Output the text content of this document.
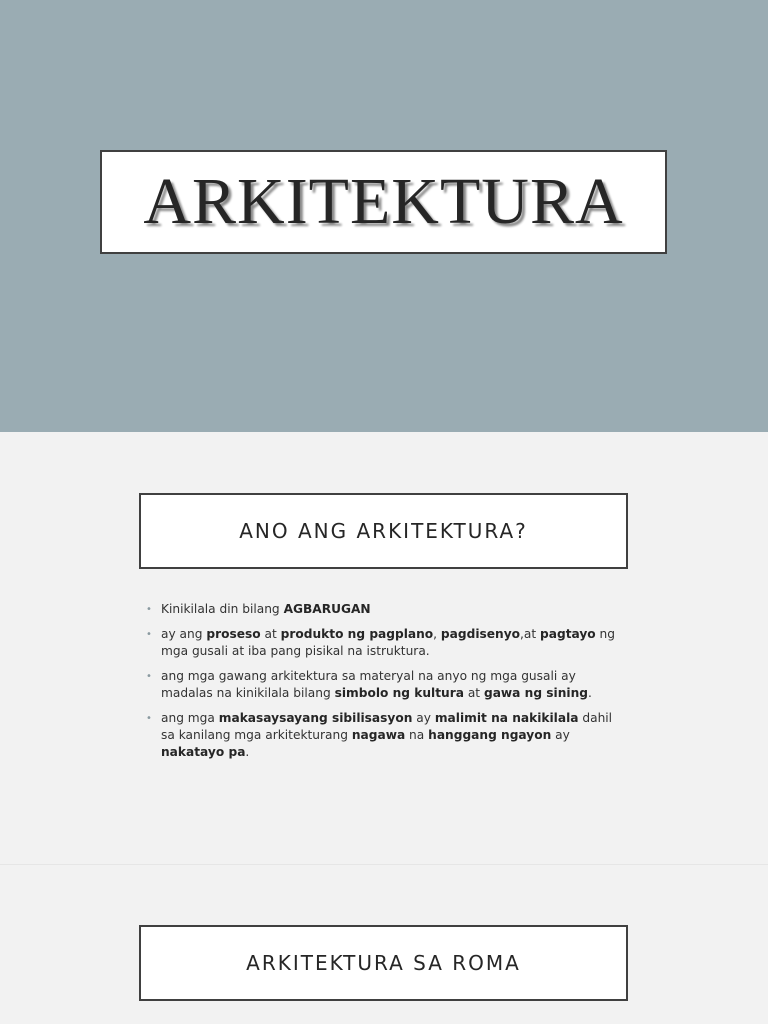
ARKITEKTURA
ANO ANG ARKITEKTURA?
• Kinikilala din bilang AGBARUGAN
• ay ang proseso at produkto ng pagplano, pagdisenyo,at pagtayo ng mga gusali at iba pang pisikal na istruktura.
• ang mga gawang arkitektura sa materyal na anyo ng mga gusali ay madalas na kinikilala bilang simbolo ng kultura at gawa ng sining.
• ang mga makasaysayang sibilisasyon ay malimit na nakikilala dahil sa kanilang mga arkitekturang nagawa na hanggang ngayon ay nakatayo pa.
ARKITEKTURA SA ROMA
